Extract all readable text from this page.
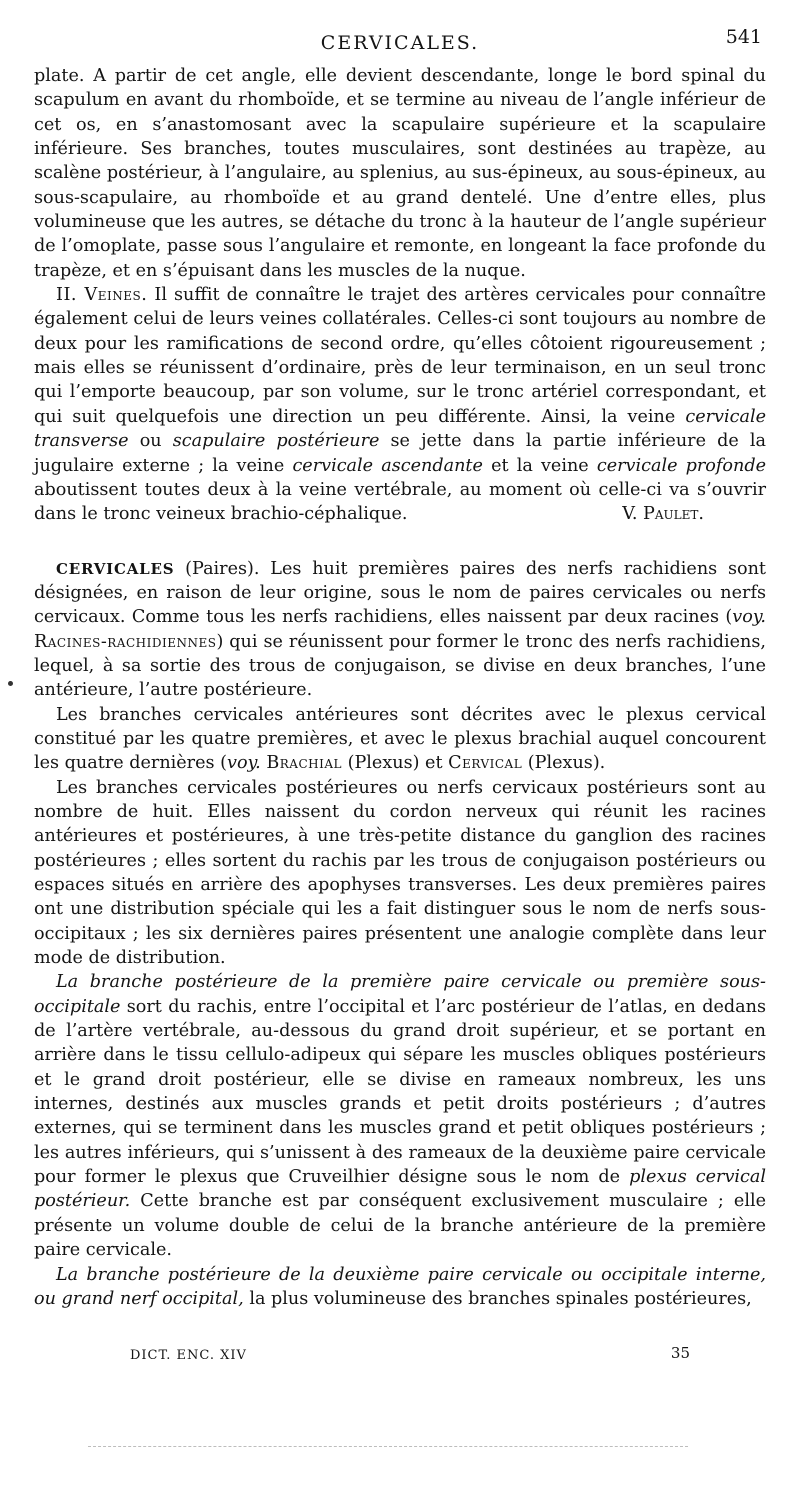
CERVICALES.	541

plate. A partir de cet angle, elle devient descendante, longe le bord spinal du scapulum en avant du rhomboïde, et se termine au niveau de l’angle inférieur de cet os, en s’anastomosant avec la scapulaire supérieure et la scapulaire inférieure. Ses branches, toutes musculaires, sont destinées au trapèze, au scalène postérieur, à l’angulaire, au splenius, au sus-épineux, au sous-épineux, au sous-scapulaire, au rhomboïde et au grand dentelé. Une d’entre elles, plus volumineuse que les autres, se détache du tronc à la hauteur de l’angle supérieur de l’omoplate, passe sous l’angulaire et remonte, en longeant la face profonde du trapèze, et en s’épuisant dans les muscles de la nuque.

II. Veines. Il suffit de connaître le trajet des artères cervicales pour connaître également celui de leurs veines collatérales. Celles-ci sont toujours au nombre de deux pour les ramifications de second ordre, qu’elles côtoient rigoureusement ; mais elles se réunissent d’ordinaire, près de leur terminaison, en un seul tronc qui l’emporte beaucoup, par son volume, sur le tronc artériel correspondant, et qui suit quelquefois une direction un peu différente. Ainsi, la veine cervicale transverse ou scapulaire postérieure se jette dans la partie inférieure de la jugulaire externe ; la veine cervicale ascendante et la veine cervicale profonde aboutissent toutes deux à la veine vertébrale, au moment où celle-ci va s’ouvrir dans le tronc veineux brachio-céphalique.	V. Paulet.

CERVICALES (Paires). Les huit premières paires des nerfs rachidiens sont désignées, en raison de leur origine, sous le nom de paires cervicales ou nerfs cervicaux. Comme tous les nerfs rachidiens, elles naissent par deux racines (voy. Racines-rachidiennes) qui se réunissent pour former le tronc des nerfs rachidiens, lequel, à sa sortie des trous de conjugaison, se divise en deux branches, l’une antérieure, l’autre postérieure.

Les branches cervicales antérieures sont décrites avec le plexus cervical constitué par les quatre premières, et avec le plexus brachial auquel concourent les quatre dernières (voy. Brachial (Plexus) et Cervical (Plexus).

Les branches cervicales postérieures ou nerfs cervicaux postérieurs sont au nombre de huit. Elles naissent du cordon nerveux qui réunit les racines antérieures et postérieures, à une très-petite distance du ganglion des racines postérieures ; elles sortent du rachis par les trous de conjugaison postérieurs ou espaces situés en arrière des apophyses transverses. Les deux premières paires ont une distribution spéciale qui les a fait distinguer sous le nom de nerfs sous-occipitaux ; les six dernières paires présentent une analogie complète dans leur mode de distribution.

La branche postérieure de la première paire cervicale ou première sous-occipitale sort du rachis, entre l’occipital et l’arc postérieur de l’atlas, en dedans de l’artère vertébrale, au-dessous du grand droit supérieur, et se portant en arrière dans le tissu cellulo-adipeux qui sépare les muscles obliques postérieurs et le grand droit postérieur, elle se divise en rameaux nombreux, les uns internes, destinés aux muscles grands et petit droits postérieurs ; d’autres externes, qui se terminent dans les muscles grand et petit obliques postérieurs ; les autres inférieurs, qui s’unissent à des rameaux de la deuxième paire cervicale pour former le plexus que Cruveilhier désigne sous le nom de plexus cervical postérieur. Cette branche est par conséquent exclusivement musculaire ; elle présente un volume double de celui de la branche antérieure de la première paire cervicale.

La branche postérieure de la deuxième paire cervicale ou occipitale interne, ou grand nerf occipital, la plus volumineuse des branches spinales postérieures,

DICT. ENC. XIV	35
